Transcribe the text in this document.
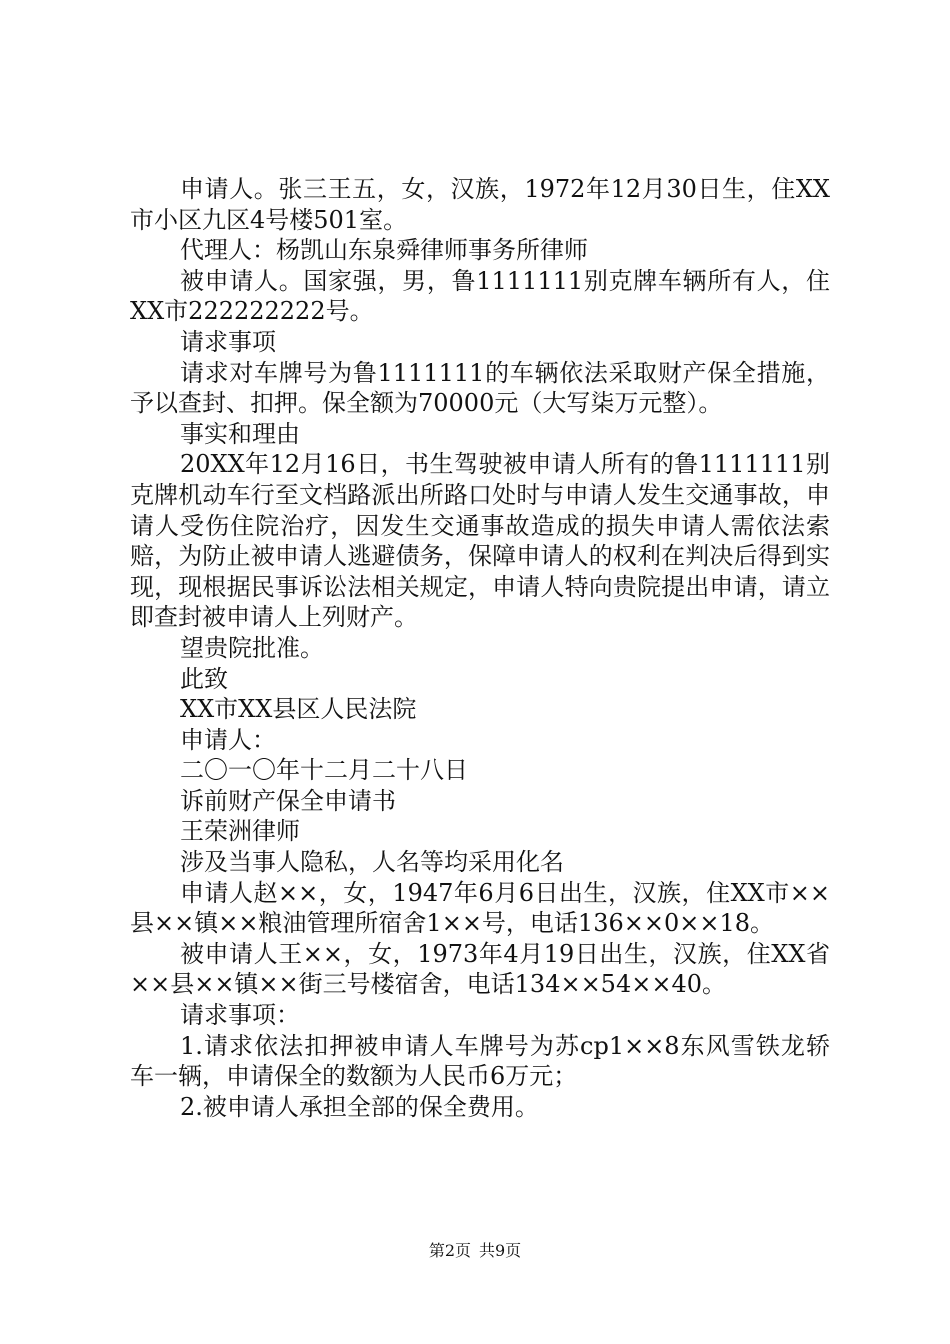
申请人。张三王五，女，汉族，1972年12月30日生，住XX市小区九区4号楼501室。

代理人：杨凯山东泉舜律师事务所律师

被申请人。国家强，男，鲁1111111别克牌车辆所有人，住XX市222222222号。

请求事项

请求对车牌号为鲁1111111的车辆依法采取财产保全措施，予以查封、扣押。保全额为70000元（大写柒万元整）。

事实和理由

20XX年12月16日，书生驾驶被申请人所有的鲁1111111别克牌机动车行至文档路派出所路口处时与申请人发生交通事故，申请人受伤住院治疗，因发生交通事故造成的损失申请人需依法索赔，为防止被申请人逃避债务，保障申请人的权利在判决后得到实现，现根据民事诉讼法相关规定，申请人特向贵院提出申请，请立即查封被申请人上列财产。

望贵院批准。

此致

XX市XX县区人民法院

申请人：

二〇一〇年十二月二十八日

诉前财产保全申请书

王荣洲律师

涉及当事人隐私，人名等均采用化名

申请人赵××，女，1947年6月6日出生，汉族，住XX市××县××镇××粮油管理所宿舍1××号，电话136××0××18。

被申请人王××，女，1973年4月19日出生，汉族，住XX省××县××镇××街三号楼宿舍，电话134××54××40。

请求事项：

1.请求依法扣押被申请人车牌号为苏cp1××8东风雪铁龙轿车一辆，申请保全的数额为人民币6万元；

2.被申请人承担全部的保全费用。

第2页 共9页
